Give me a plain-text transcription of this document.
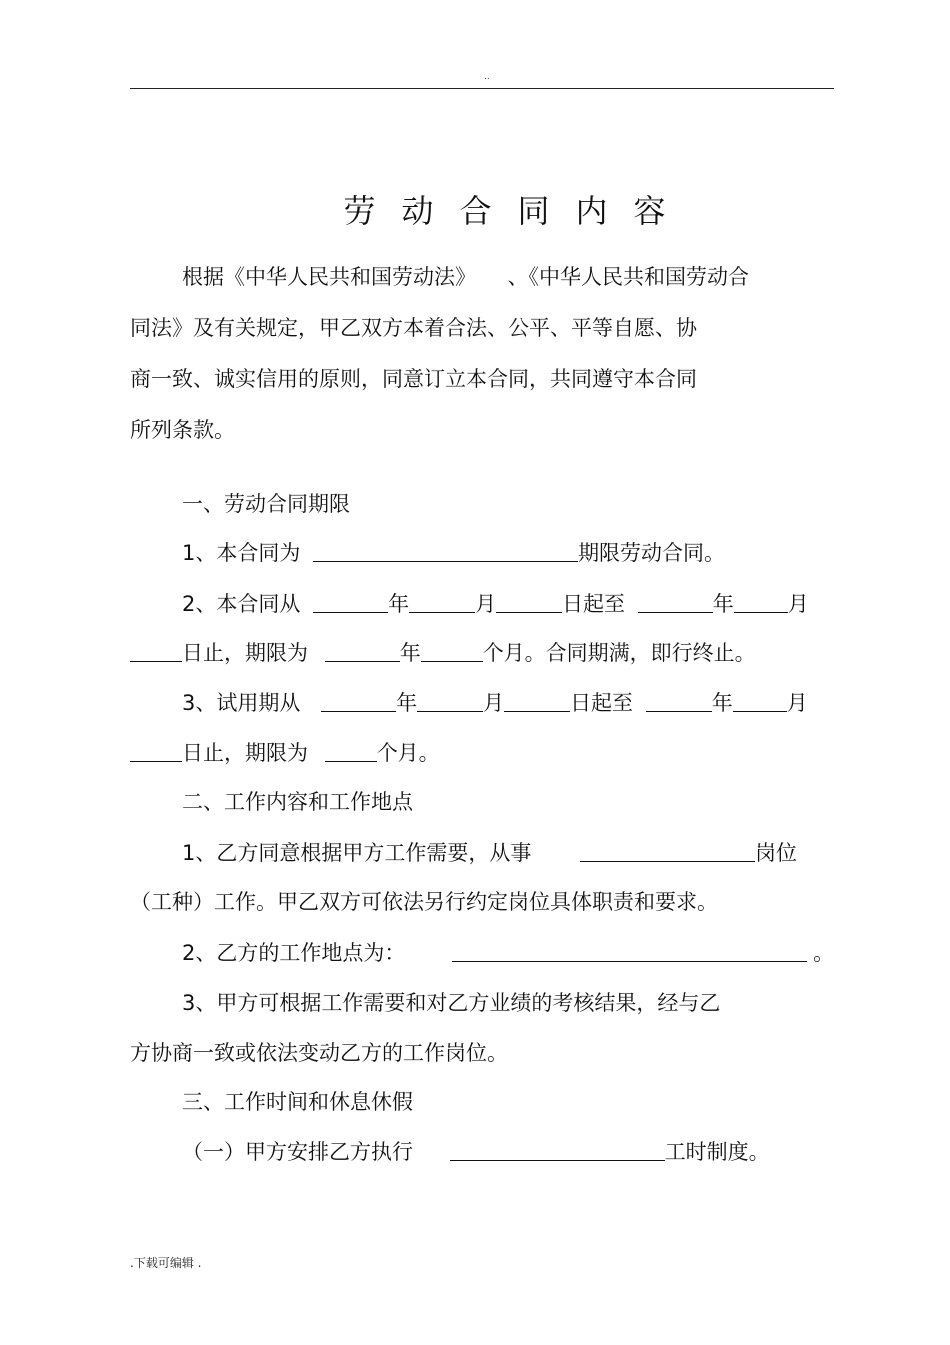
..
劳动合同内容
根据《中华人民共和国劳动法》 、《中华人民共和国劳动合
同法》及有关规定，甲乙双方本着合法、公平、平等自愿、协
商一致、诚实信用的原则，同意订立本合同，共同遵守本合同
所列条款。
一、劳动合同期限
1、本合同为	期限劳动合同。
2、本合同从	年	月	日起至	年	月
日止，期限为	年	个月。合同期满，即行终止。
3、试用期从	年	月	日起至	年	月
日止，期限为	个月。
二、工作内容和工作地点
1、乙方同意根据甲方工作需要，从事	岗位
（工种）工作。甲乙双方可依法另行约定岗位具体职责和要求。
2、乙方的工作地点为：	。
3、甲方可根据工作需要和对乙方业绩的考核结果，经与乙
方协商一致或依法变动乙方的工作岗位。
三、工作时间和休息休假
（一）甲方安排乙方执行	工时制度。
.下载可编辑 .
